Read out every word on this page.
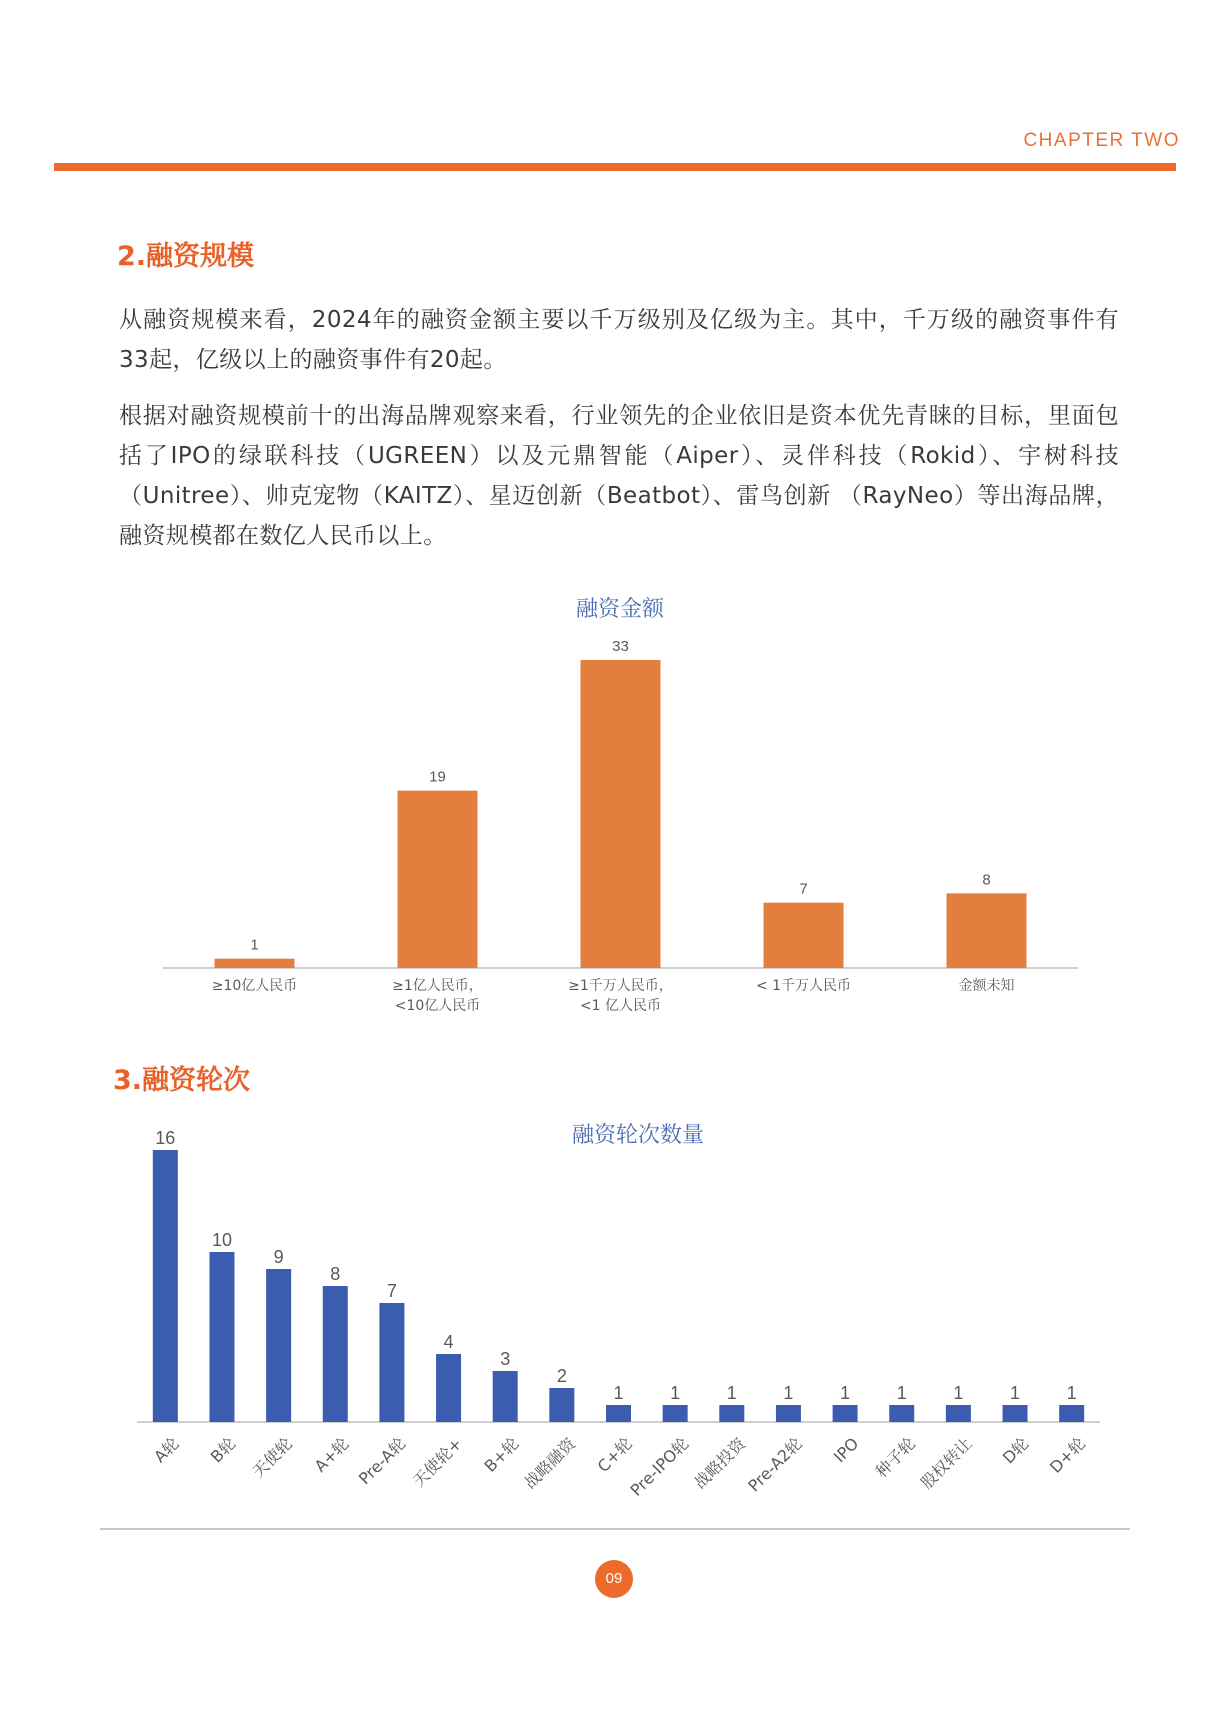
CHAPTER TWO
2.融资规模

从融资规模来看，2024年的融资金额主要以千万级别及亿级为主。其中，千万级的融资事件有33起，亿级以上的融资事件有20起。

根据对融资规模前十的出海品牌观察来看，行业领先的企业依旧是资本优先青睐的目标，里面包括了IPO的绿联科技（UGREEN）以及元鼎智能（Aiper）、灵伴科技（Rokid）、宇树科技（Unitree）、帅克宠物（KAITZ）、星迈创新（Beatbot）、雷鸟创新 （RayNeo）等出海品牌，融资规模都在数亿人民币以上。

融资金额
1
≥10亿人民币
19
≥1亿人民币，
<10亿人民币
33
≥1千万人民币，
<1 亿人民币
7
< 1千万人民币
8
金额未知
3.融资轮次
融资轮次数量
16
A轮
10
B轮
9
天使轮
8
A+轮
7
Pre-A轮
4
天使轮+
3
B+轮
2
战略融资
1
C+轮
1
Pre-IPO轮
1
战略投资
1
Pre-A2轮
1
IPO
1
种子轮
1
股权转让
1
D轮
1
D+轮
09
